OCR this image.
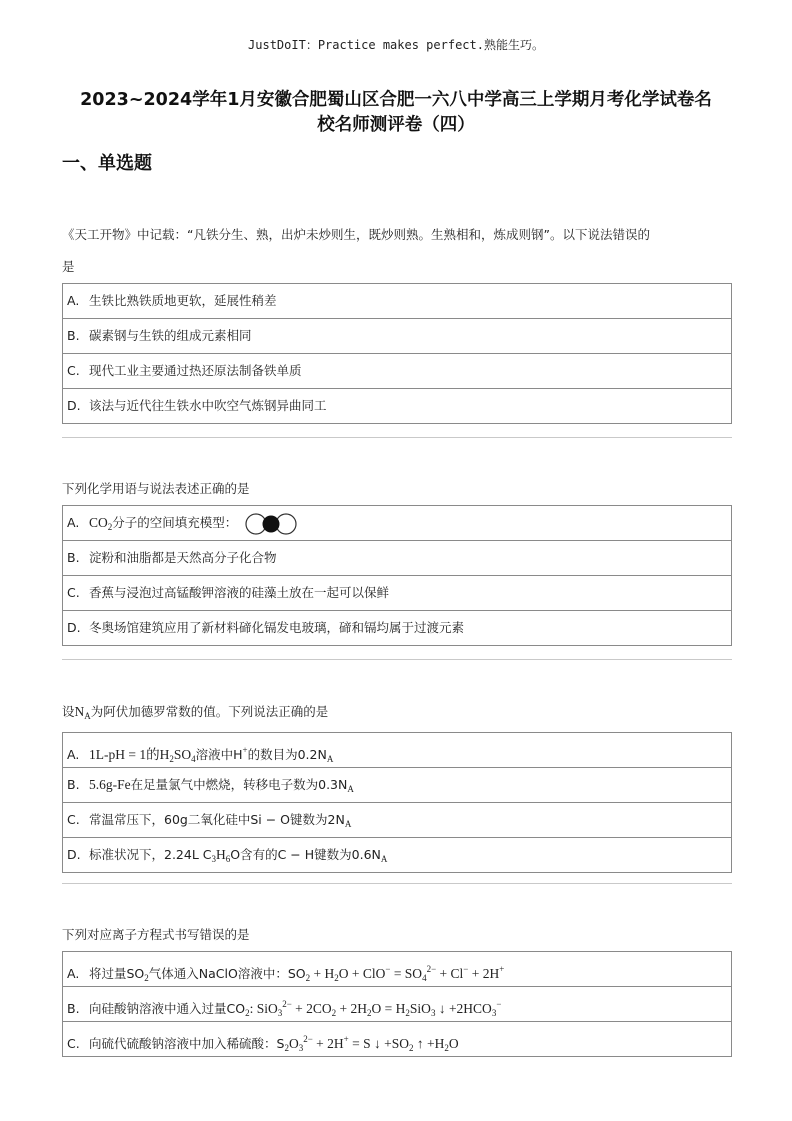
JustDoIT：Practice makes perfect.熟能生巧。
2023~2024学年1月安徽合肥蜀山区合肥一六八中学高三上学期月考化学试卷名
校名师测评卷（四）
一、单选题

《天工开物》中记载：“凡铁分生、熟，出炉未炒则生，既炒则熟。生熟相和，炼成则钢”。以下说法错误的
是

A. 生铁比熟铁质地更软，延展性稍差
B. 碳素钢与生铁的组成元素相同
C. 现代工业主要通过热还原法制备铁单质
D. 该法与近代往生铁水中吹空气炼钢异曲同工

下列化学用语与说法表述正确的是

A. $CO_2$分子的空间填充模型：
B. 淀粉和油脂都是天然高分子化合物
C. 香蕉与浸泡过高锰酸钾溶液的硅藻土放在一起可以保鲜
D. 冬奥场馆建筑应用了新材料碲化镉发电玻璃，碲和镉均属于过渡元素

设$N_A$为阿伏加德罗常数的值。下列说法正确的是

A. 1L‑pH = 1的$H_2SO_4$溶液中H+的数目为$0.2N_A$
B. 5.6g‑Fe在足量氯气中燃烧，转移电子数为$0.3N_A$
C. 常温常压下，60g二氧化硅中Si − O键数为$2N_A$
D. 标准状况下，2.24L $C_3H_6O$含有的C − H键数为$0.6N_A$

下列对应离子方程式书写错误的是

A. 将过量$SO_2$气体通入NaClO溶液中：$SO_2 + H_2O + ClO^- = SO_4^{2-} + Cl^- + 2H^+$
B. 向硅酸钠溶液中通入过量$CO_2$: $SiO_3^{2-} + 2CO_2 + 2H_2O = H_2SiO_3$ ↓ $+2HCO_3^-$
C. 向硫代硫酸钠溶液中加入稀硫酸：$S_2O_3^{2-} + 2H^+ = S$ ↓ $+SO_2$ ↑ $+H_2O$
